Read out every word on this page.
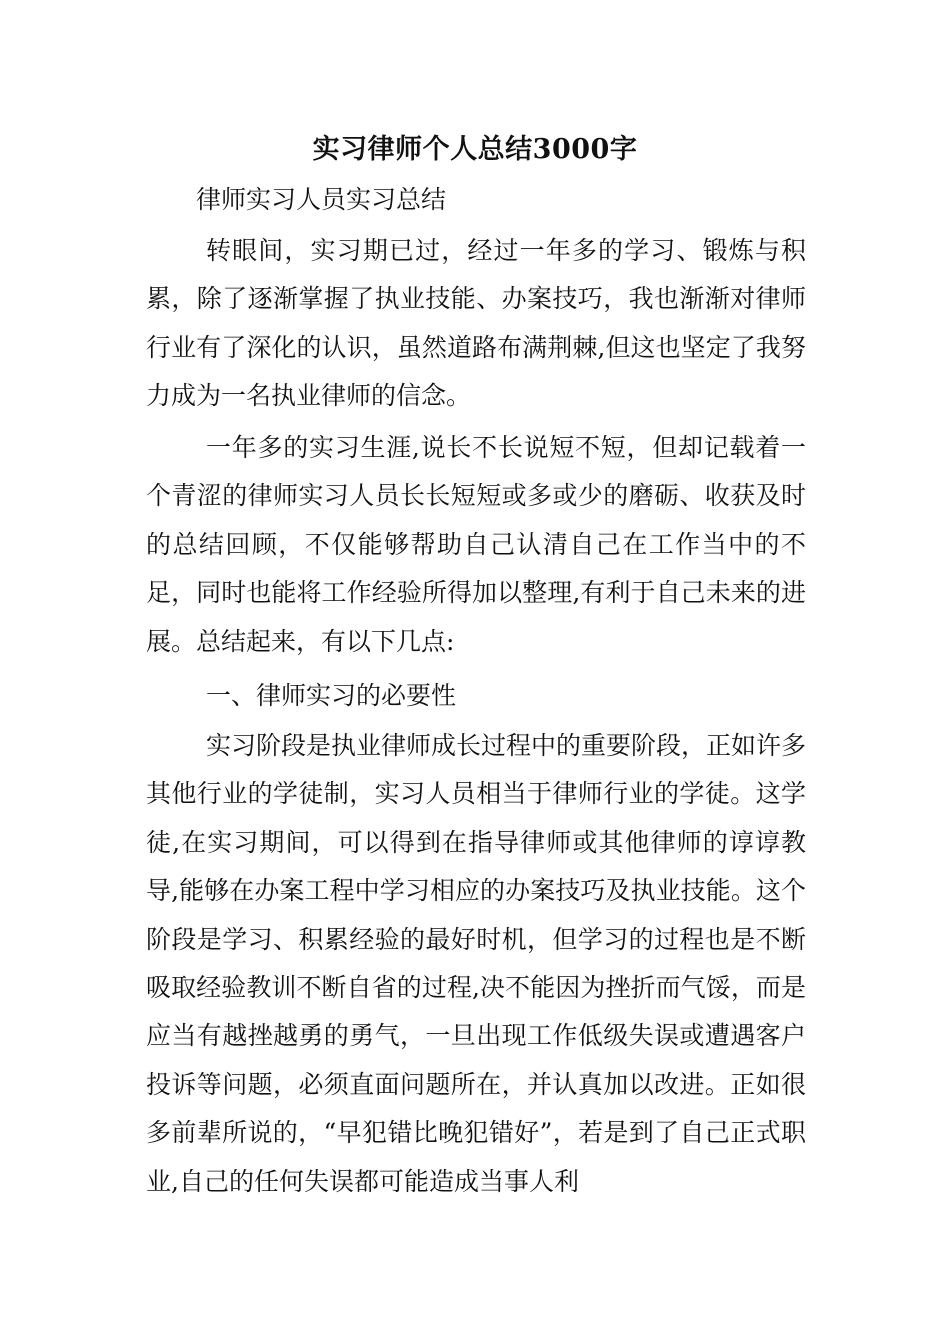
实习律师个人总结3000字
律师实习人员实习总结

转眼间，实习期已过，经过一年多的学习、锻炼与积累，除了逐渐掌握了执业技能、办案技巧，我也渐渐对律师行业有了深化的认识，虽然道路布满荆棘,但这也坚定了我努力成为一名执业律师的信念。

一年多的实习生涯,说长不长说短不短，但却记载着一个青涩的律师实习人员长长短短或多或少的磨砺、收获及时的总结回顾，不仅能够帮助自己认清自己在工作当中的不足，同时也能将工作经验所得加以整理,有利于自己未来的进展。总结起来，有以下几点:

一、律师实习的必要性

实习阶段是执业律师成长过程中的重要阶段，正如许多其他行业的学徒制，实习人员相当于律师行业的学徒。这学徒,在实习期间，可以得到在指导律师或其他律师的谆谆教导,能够在办案工程中学习相应的办案技巧及执业技能。这个阶段是学习、积累经验的最好时机，但学习的过程也是不断吸取经验教训不断自省的过程,决不能因为挫折而气馁，而是应当有越挫越勇的勇气，一旦出现工作低级失误或遭遇客户投诉等问题，必须直面问题所在，并认真加以改进。正如很多前辈所说的，“早犯错比晚犯错好”，若是到了自己正式职业,自己的任何失误都可能造成当事人利
